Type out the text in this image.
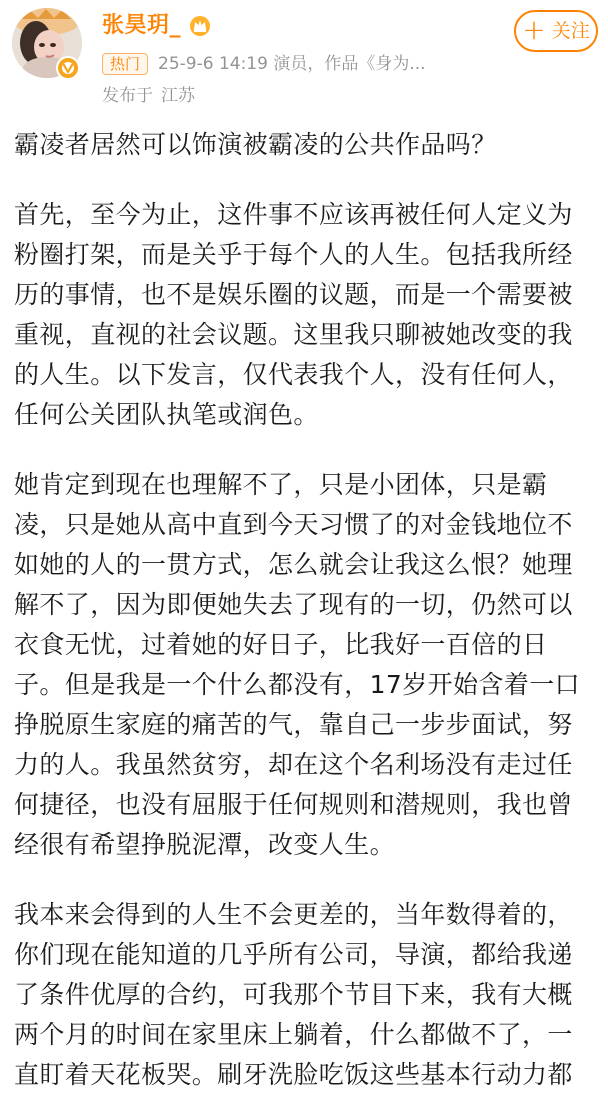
张昊玥_
热门	25-9-6 14:19 演员，作品《身为...
发布于 江苏
+ 关注

霸凌者居然可以饰演被霸凌的公共作品吗？

首先，至今为止，这件事不应该再被任何人定义为粉圈打架，而是关乎于每个人的人生。包括我所经历的事情，也不是娱乐圈的议题，而是一个需要被重视，直视的社会议题。这里我只聊被她改变的我的人生。以下发言，仅代表我个人，没有任何人，任何公关团队执笔或润色。

她肯定到现在也理解不了，只是小团体，只是霸凌，只是她从高中直到今天习惯了的对金钱地位不如她的人的一贯方式，怎么就会让我这么恨？她理解不了，因为即便她失去了现有的一切，仍然可以衣食无忧，过着她的好日子，比我好一百倍的日子。但是我是一个什么都没有，17岁开始含着一口挣脱原生家庭的痛苦的气，靠自己一步步面试，努力的人。我虽然贫穷，却在这个名利场没有走过任何捷径，也没有屈服于任何规则和潜规则，我也曾经很有希望挣脱泥潭，改变人生。

我本来会得到的人生不会更差的，当年数得着的，你们现在能知道的几乎所有公司，导演，都给我递了条件优厚的合约，可我那个节目下来，我有大概两个月的时间在家里床上躺着，什么都做不了，一直盯着天花板哭。刷牙洗脸吃饭这些基本行动力都
